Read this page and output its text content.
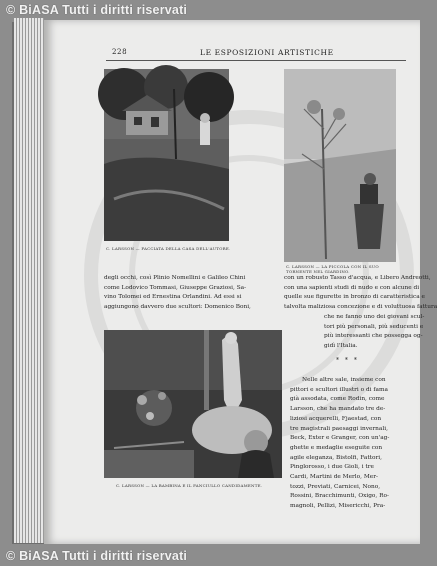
© BiASA Tutti i diritti riservati
228	LE ESPOSIZIONI ARTISTICHE
C. LARSSON — FACCIATA DELLA CASA DELL'AUTORE.
C. LARSSON — LA PICCOLA CON IL SUO TORNENTE NEL GIARDINO.
degli occhi, così Plinio Nomellini e Galileo Chini
come Lodovico Tommasi, Giuseppe Graziosi, Sa-
vino Tolomei ed Ernestina Orlandini. Ad essi si
aggiungono davvero due scultori: Domenico Boni,
con un robusto Tasso d'acqua, e Libero Andreotti,
con una sapienti studi di nudo e con alcune di
quelle sue figurette in bronzo di caratteristica e
talvolta maliziosa concezione e di voluttuosa fattura
che ne fanno uno dei giovani scul-
tori più personali, più seducenti e
più interessanti che possegga og-
gidì l'Italia.
C. LARSSON — LA BAMBINA E IL FANCIULLO CANDIDAMENTE.
* * *
Nelle altre sale, insieme con
pittori e scultori illustri o di fama
già assodata, come Rodin, come
Larsson, che ha mandato tre de-
liziosi acquerelli, Fjaestad, con
tre magistrali paesaggi invernali,
Beck, Exter e Granger, con un'ag-
ghette e medaglie eseguite con
agile eleganza, Bistolfi, Fattori,
Pinglorosso, i due Gioli, i tre
Cardi, Martini de Merlo, Mer-
tozzi, Previati, Carnicei, Nono,
Rossini, Bracchimunti, Oxigo, Ro-
magnoli, Pellizi, Misericchi, Pra-
© BiASA Tutti i diritti riservati
